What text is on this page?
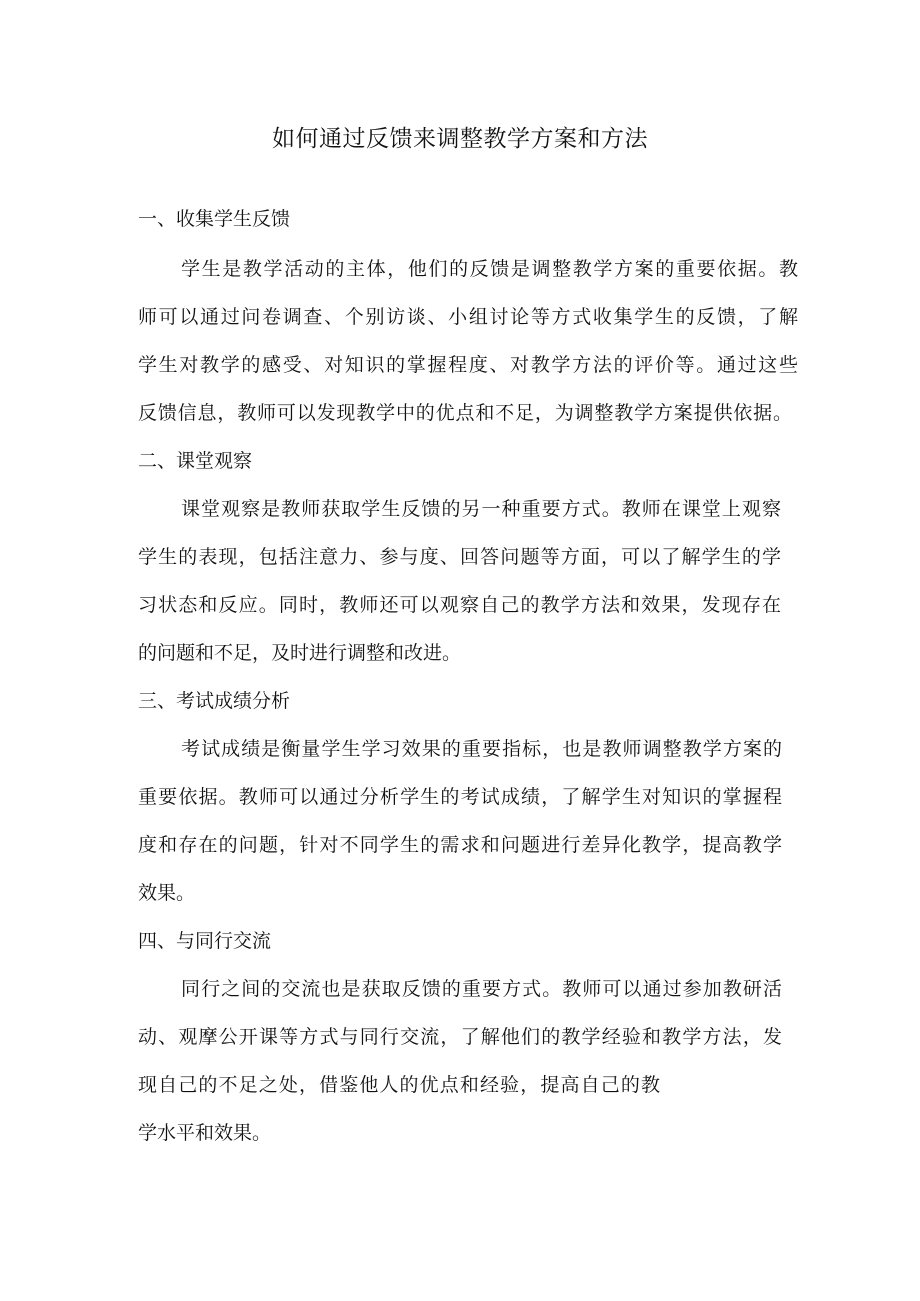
如何通过反馈来调整教学方案和方法
一、收集学生反馈
学生是教学活动的主体，他们的反馈是调整教学方案的重要依据。教
师可以通过问卷调查、个别访谈、小组讨论等方式收集学生的反馈，了解
学生对教学的感受、对知识的掌握程度、对教学方法的评价等。通过这些
反馈信息，教师可以发现教学中的优点和不足，为调整教学方案提供依据。
二、课堂观察
课堂观察是教师获取学生反馈的另一种重要方式。教师在课堂上观察
学生的表现，包括注意力、参与度、回答问题等方面，可以了解学生的学
习状态和反应。同时，教师还可以观察自己的教学方法和效果，发现存在
的问题和不足，及时进行调整和改进。
三、考试成绩分析
考试成绩是衡量学生学习效果的重要指标，也是教师调整教学方案的
重要依据。教师可以通过分析学生的考试成绩，了解学生对知识的掌握程
度和存在的问题，针对不同学生的需求和问题进行差异化教学，提高教学
效果。
四、与同行交流
同行之间的交流也是获取反馈的重要方式。教师可以通过参加教研活
动、观摩公开课等方式与同行交流，了解他们的教学经验和教学方法，发
现自己的不足之处，借鉴他人的优点和经验，提高自己的教
学水平和效果。
